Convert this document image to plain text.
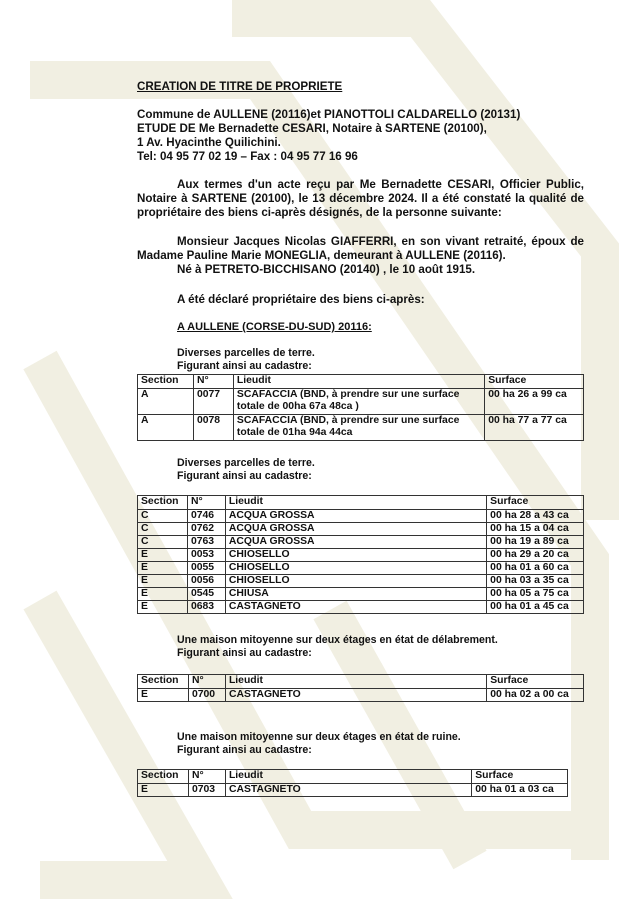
CREATION DE TITRE DE PROPRIETE
Commune de AULLENE (20116)et PIANOTTOLI CALDARELLO (20131)
ETUDE DE Me Bernadette CESARI, Notaire à SARTENE (20100),
1 Av. Hyacinthe Quilichini.
Tel: 04 95 77 02 19 – Fax : 04 95 77 16 96

Aux termes d'un acte reçu par Me Bernadette CESARI, Officier Public, Notaire à SARTENE (20100), le 13 décembre 2024. Il a été constaté la qualité de propriétaire des biens ci-après désignés, de la personne suivante:

Monsieur Jacques Nicolas GIAFFERRI, en son vivant retraité, époux de Madame Pauline Marie MONEGLIA, demeurant à AULLENE (20116).

Né à PETRETO-BICCHISANO (20140) , le 10 août 1915.

A été déclaré propriétaire des biens ci-après:
A AULLENE (CORSE-DU-SUD) 20116:
Diverses parcelles de terre.
Figurant ainsi au cadastre:
Section	N°	Lieudit	Surface
A	0077	SCAFACCIA (BND, à prendre sur une surface totale de 00ha 67a 48ca )	00 ha 26 a 99 ca
A	0078	SCAFACCIA (BND, à prendre sur une surface totale de 01ha 94a 44ca	00 ha 77 a 77 ca
Diverses parcelles de terre.
Figurant ainsi au cadastre:
Section	N°	Lieudit	Surface
C	0746	ACQUA GROSSA	00 ha 28 a 43 ca
C	0762	ACQUA GROSSA	00 ha 15 a 04 ca
C	0763	ACQUA GROSSA	00 ha 19 a 89 ca
E	0053	CHIOSELLO	00 ha 29 a 20 ca
E	0055	CHIOSELLO	00 ha 01 a 60 ca
E	0056	CHIOSELLO	00 ha 03 a 35 ca
E	0545	CHIUSA	00 ha 05 a 75 ca
E	0683	CASTAGNETO	00 ha 01 a 45 ca
Une maison mitoyenne sur deux étages en état de délabrement.
Figurant ainsi au cadastre:
Section	N°	Lieudit	Surface
E	0700	CASTAGNETO	00 ha 02 a 00 ca
Une maison mitoyenne sur deux étages en état de ruine.
Figurant ainsi au cadastre:
Section	N°	Lieudit	Surface
E	0703	CASTAGNETO	00 ha 01 a 03 ca
